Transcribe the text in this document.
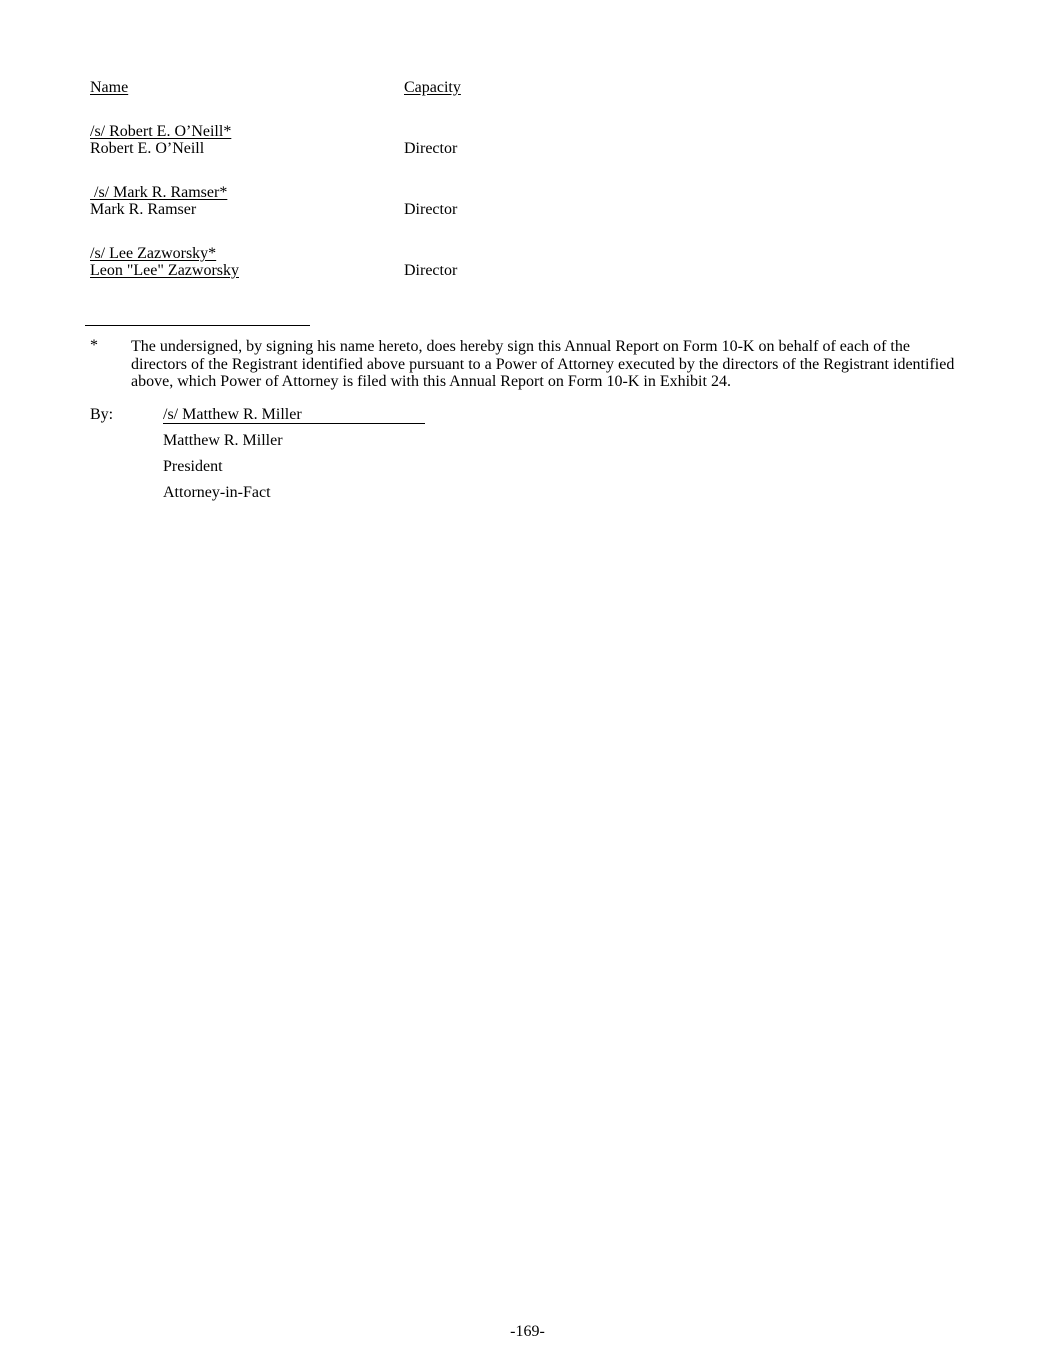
Name	Capacity
/s/ Robert E. O’Neill*
Robert E. O’Neill	Director
/s/ Mark R. Ramser*
Mark R. Ramser	Director
/s/ Lee Zazworsky*
Leon "Lee" Zazworsky	Director
* The undersigned, by signing his name hereto, does hereby sign this Annual Report on Form 10-K on behalf of each of the directors of the Registrant identified above pursuant to a Power of Attorney executed by the directors of the Registrant identified above, which Power of Attorney is filed with this Annual Report on Form 10-K in Exhibit 24.
By:	/s/ Matthew R. Miller
Matthew R. Miller
President
Attorney-in-Fact
-169-
